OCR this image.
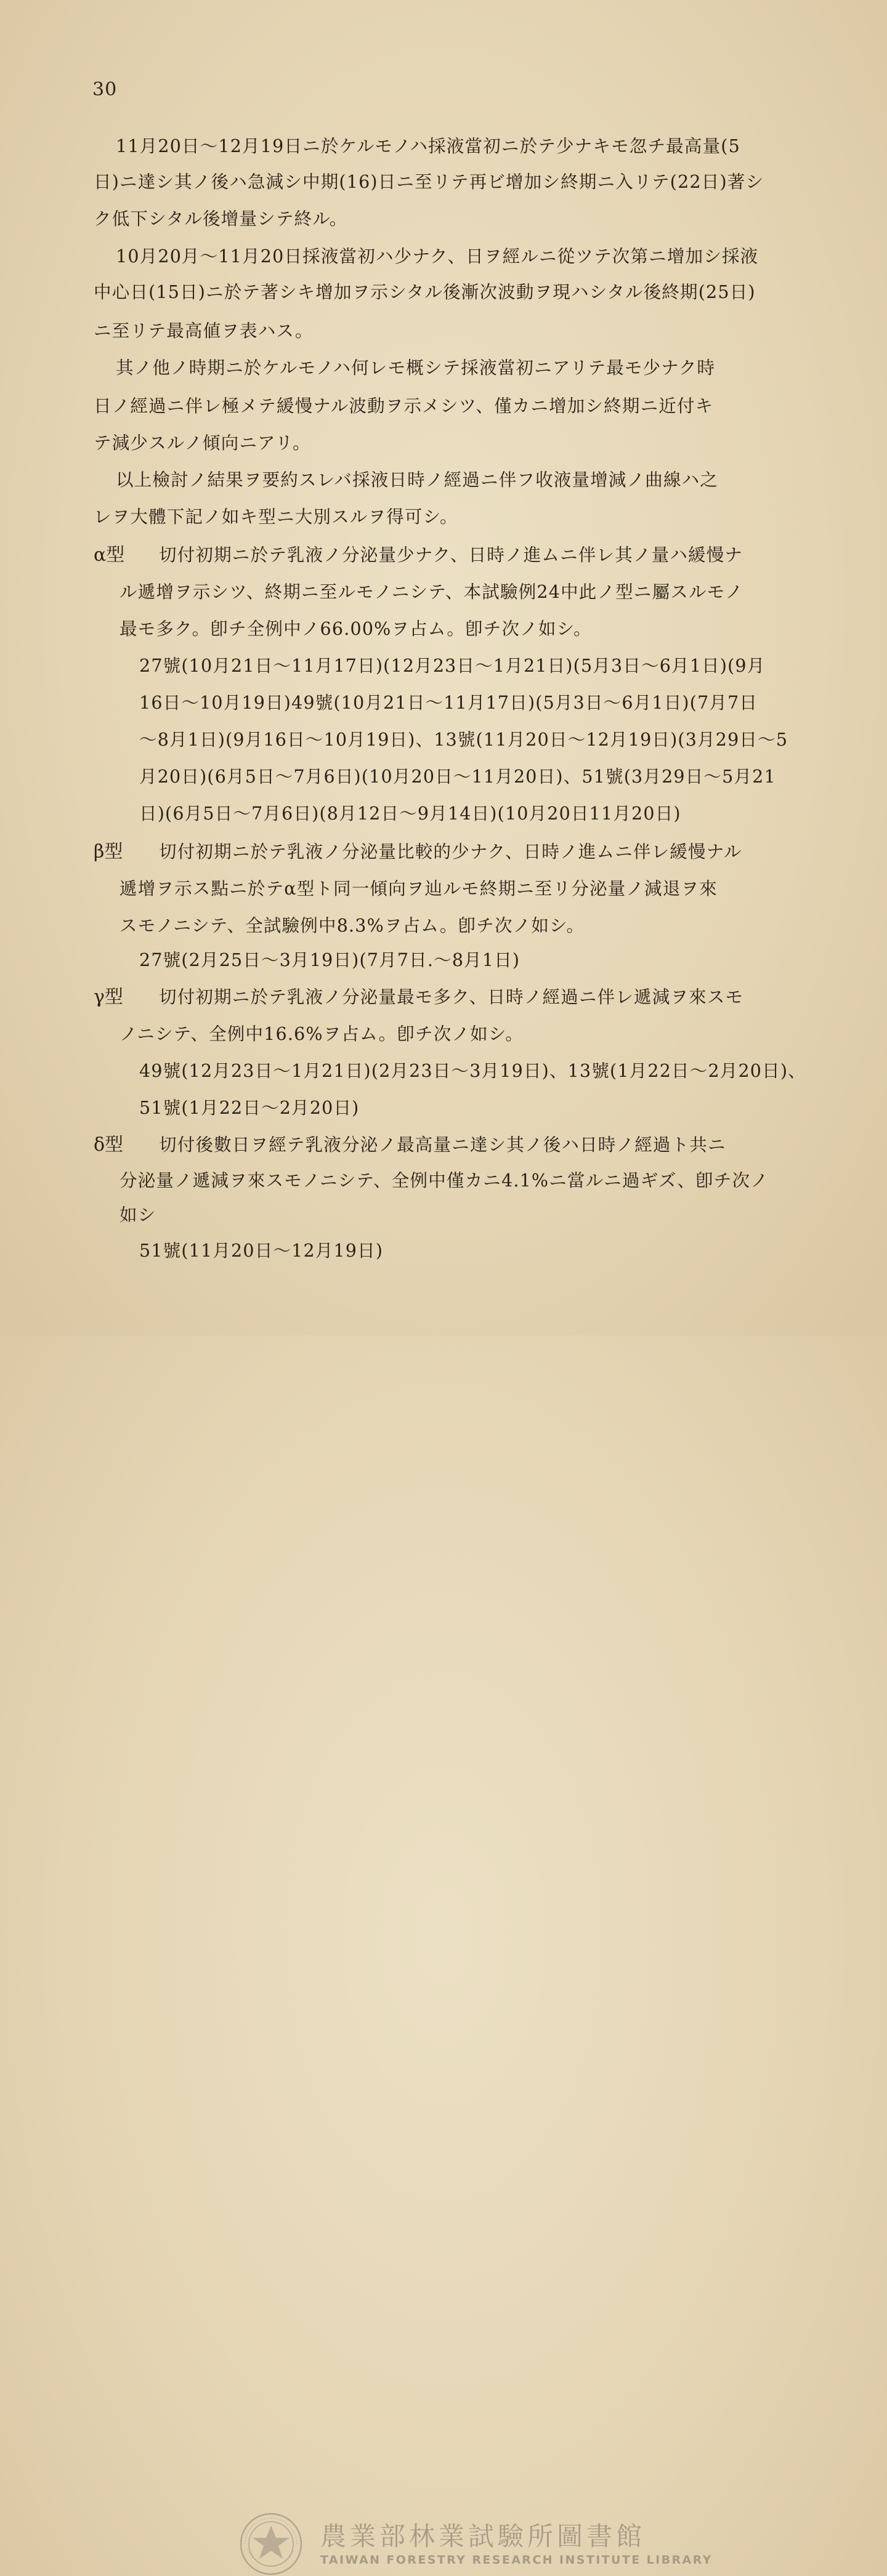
30
11月20日～12月19日ニ於ケルモノハ採液當初ニ於テ少ナキモ忽チ最高量(5
日)ニ達シ其ノ後ハ急減シ中期(16)日ニ至リテ再ビ增加シ終期ニ入リテ(22日)著シ
ク低下シタル後增量シテ終ル。
10月20月～11月20日採液當初ハ少ナク、日ヲ經ルニ從ツテ次第ニ增加シ採液
中心日(15日)ニ於テ著シキ增加ヲ示シタル後漸次波動ヲ現ハシタル後終期(25日)
ニ至リテ最高値ヲ表ハス。
其ノ他ノ時期ニ於ケルモノハ何レモ概シテ採液當初ニアリテ最モ少ナク時
日ノ經過ニ伴レ極メテ緩慢ナル波動ヲ示メシツ、僅カニ增加シ終期ニ近付キ
テ減少スルノ傾向ニアリ。
以上檢討ノ結果ヲ要約スレバ採液日時ノ經過ニ伴フ收液量增減ノ曲線ハ之
レヲ大體下記ノ如キ型ニ大別スルヲ得可シ。
α型 切付初期ニ於テ乳液ノ分泌量少ナク、日時ノ進ムニ伴レ其ノ量ハ緩慢ナ
ル遞增ヲ示シツ、終期ニ至ルモノニシテ、本試驗例24中此ノ型ニ屬スルモノ
最モ多ク。卽チ全例中ノ66.00%ヲ占ム。卽チ次ノ如シ。
27號(10月21日～11月17日)(12月23日～1月21日)(5月3日～6月1日)(9月
16日～10月19日)49號(10月21日～11月17日)(5月3日～6月1日)(7月7日
～8月1日)(9月16日～10月19日)、13號(11月20日～12月19日)(3月29日～5
月20日)(6月5日～7月6日)(10月20日～11月20日)、51號(3月29日～5月21
日)(6月5日～7月6日)(8月12日～9月14日)(10月20日11月20日)
β型 切付初期ニ於テ乳液ノ分泌量比較的少ナク、日時ノ進ムニ伴レ緩慢ナル
遞增ヲ示ス點ニ於テα型ト同一傾向ヲ辿ルモ終期ニ至リ分泌量ノ減退ヲ來
スモノニシテ、全試驗例中8.3%ヲ占ム。卽チ次ノ如シ。
27號(2月25日～3月19日)(7月7日.～8月1日)
γ型 切付初期ニ於テ乳液ノ分泌量最モ多ク、日時ノ經過ニ伴レ遞減ヲ來スモ
ノニシテ、全例中16.6%ヲ占ム。卽チ次ノ如シ。
49號(12月23日～1月21日)(2月23日～3月19日)、13號(1月22日～2月20日)、
51號(1月22日～2月20日)
δ型 切付後數日ヲ經テ乳液分泌ノ最高量ニ達シ其ノ後ハ日時ノ經過ト共ニ
分泌量ノ遞減ヲ來スモノニシテ、全例中僅カニ4.1%ニ當ルニ過ギズ、卽チ次ノ
如シ
51號(11月20日～12月19日)
農業部林業試驗所圖書館
TAIWAN FORESTRY RESEARCH INSTITUTE LIBRARY
